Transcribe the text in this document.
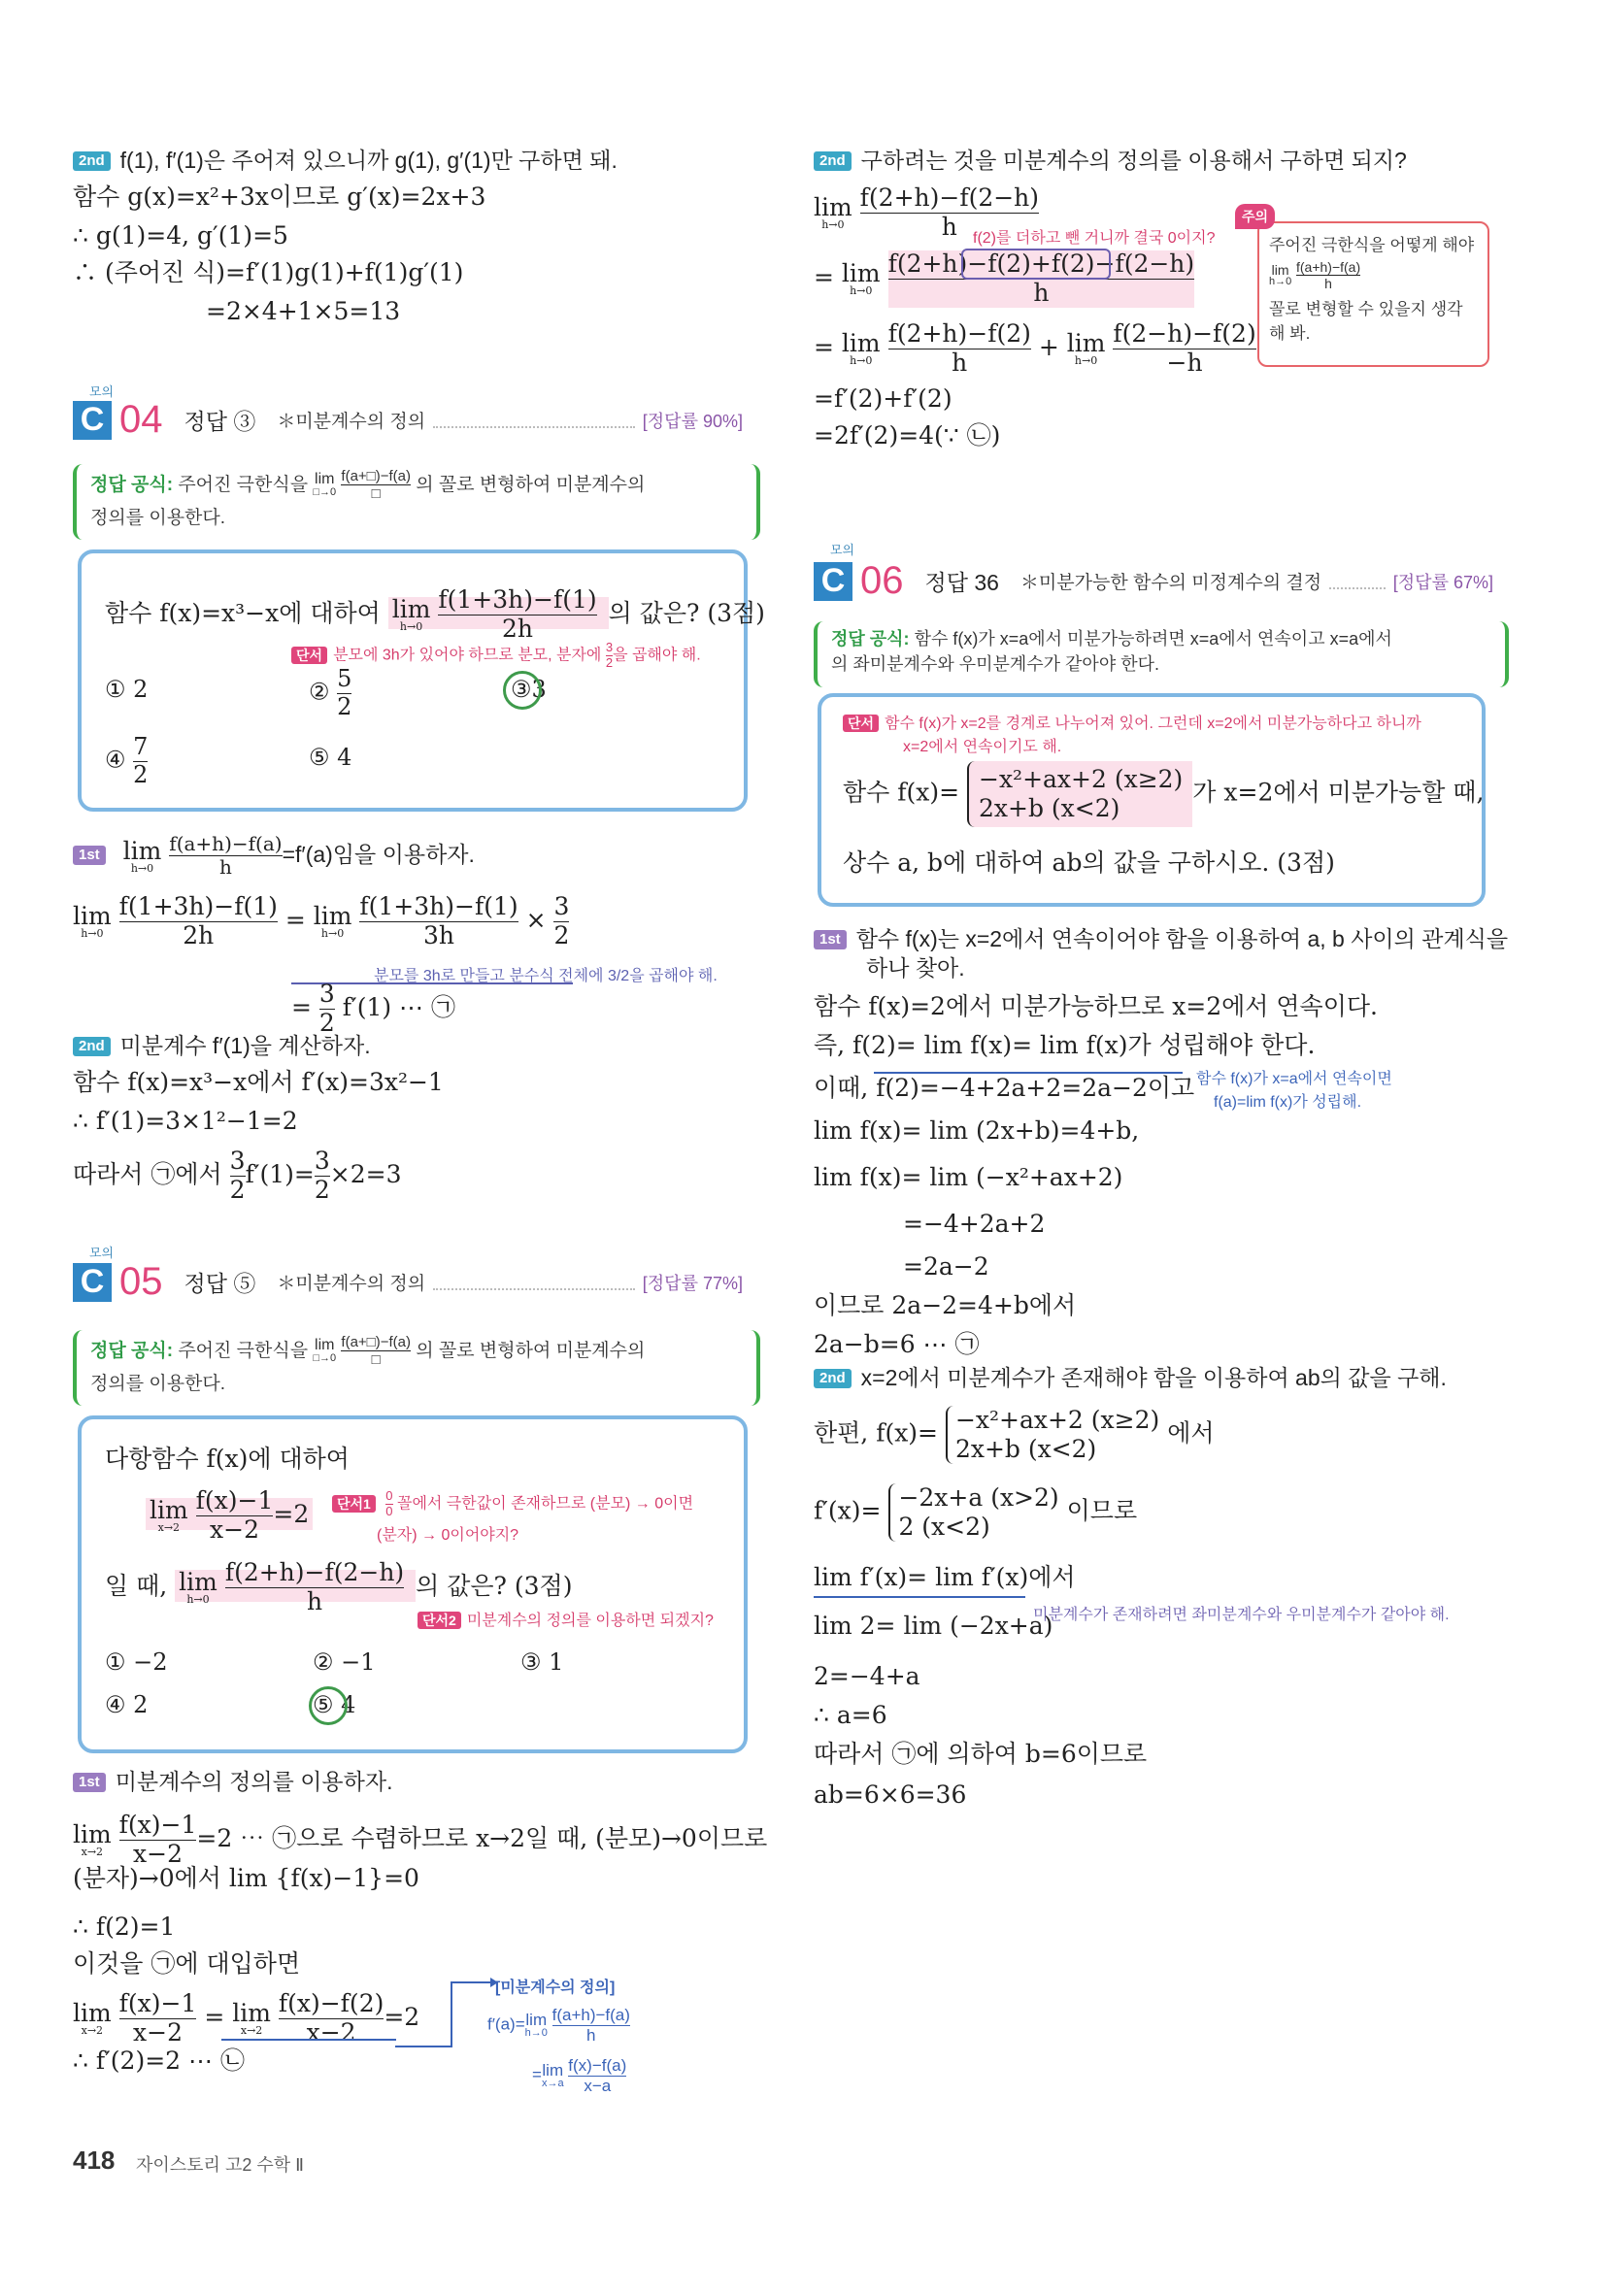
2nd f(1), f′(1)은 주어져 있으니까 g(1), g′(1)만 구하면 돼.
함수 g(x)=x²+3x이므로 g′(x)=2x+3
∴ g(1)=4, g′(1)=5
∴ (주어진 식)=f′(1)g(1)+f(1)g′(1)
=2×4+1×5=13
모의
C 04 정답 ③ ＊미분계수의 정의	[정답률 90%]
정답 공식: 주어진 극한식을 lim
□→0
$\frac{f(a+□)-f(a)}{□}$ 의 꼴로 변형하여 미분계수의
정의를 이용한다.
함수 f(x)=x³−x에 대하여 lim
h→0
$\frac{f(1+3h)-f(1)}{2h}$ 의 값은? (3점)
단서 분모에 3h가 있어야 하므로 분모, 분자에 $\frac{3}{2}$ 을 곱해야 해.
① 2	② $\frac{5}{2}$	③3
④ $\frac{7}{2}$	⑤ 4
1st lim
h→0
$\frac{f(a+h)-f(a)}{h} =f'(a)$임을 이용하자.
lim
h→0
$\frac{f(1+3h)-f(1)}{2h} = \lim$
h→0
$\frac{f(1+3h)-f(1)}{3h} \times \frac{3}{2}$
분모를 3h로 만들고 분수식 전체에 3/2을 곱해야 해.
= $\frac{3}{2} f'(1)$ ⋯ ㉠
2nd 미분계수 f′(1)을 계산하자.
함수 f(x)=x³−x에서 f′(x)=3x²−1
∴ f′(1)=3×1²−1=2
따라서 ㉠에서 $\frac{3}{2} f'(1)= \frac{3}{2} \times 2=3$
모의
C 05 정답 ⑤ ＊미분계수의 정의	[정답률 77%]
정답 공식: 주어진 극한식을 lim
□→0
$\frac{f(a+□)-f(a)}{□}$ 의 꼴로 변형하여 미분계수의
정의를 이용한다.
다항함수 f(x)에 대하여
lim
x→2
$\frac{f(x)-1}{x-2} =2$	단서$1 \frac{0}{0}$ 꼴에서 극한값이 존재하므로 (분모) → 0이면
(분자) → 0이어야지?
일 때, lim
h→0
$\frac{f(2+h)-f(2-h)}{h}$ 의 값은? (3점)
단서2 미분계수의 정의를 이용하면 되겠지?
① −2	② −1	③ 1
④ 2	⑤ 4
1st 미분계수의 정의를 이용하자.
lim
x→2
$\frac{f(x)-1}{x-2} =2$ ⋯ ㉠으로 수렴하므로 x→2일 때, (분모)→0이므로
(분자)→0에서 lim {f(x)−1}=0
∴ f(2)=1
이것을 ㉠에 대입하면
lim
x→2
$\frac{f(x)-1}{x-2} = \lim$
x→2
$\frac{f(x)-f(2)}{x-2} =2$
∴ f′(2)=2 ⋯ ㉡
[미분계수의 정의]
f′(a)=lim
h→0
$\frac{f(a+h)-f(a)}{h}$
=lim
x→a
$\frac{f(x)-f(a)}{x-a}$
2nd 구하려는 것을 미분계수의 정의를 이용해서 구하면 되지?
lim
h→0
$\frac{f(2+h)-f(2-h)}{h}$
f(2)를 더하고 뺀 거니까 결국 0이지?
= lim
h→0
$\frac{f(2+h)-f(2)+f(2)-f(2-h)}{h}$
= lim
h→0
$\frac{f(2+h)-f(2)}{h} + \lim$
h→0
$\frac{f(2-h)-f(2)}{-h}$
=f′(2)+f′(2)
=2f′(2)=4(∵ ㉡)
주어진 극한식을 어떻게 해야
lim
h→0
$\frac{f(a+h)-f(a)}{h}$
꼴로 변형할 수 있을지 생각
해 봐.
주의
모의
C 06 정답 36 ＊미분가능한 함수의 미정계수의 결정	[정답률 67%]
정답 공식: 함수 f(x)가 x=a에서 미분가능하려면 x=a에서 연속이고 x=a에서
의 좌미분계수와 우미분계수가 같아야 한다.
단서 함수 f(x)가 x=2를 경계로 나누어져 있어. 그런데 x=2에서 미분가능하다고 하니까
x=2에서 연속이기도 해.
함수 f(x)= −x²+ax+2 (x≥2)
2x+b (x<2)
가 x=2에서 미분가능할 때,
상수 a, b에 대하여 ab의 값을 구하시오. (3점)
1st 함수 f(x)는 x=2에서 연속이어야 함을 이용하여 a, b 사이의 관계식을
하나 찾아.
함수 f(x)=2에서 미분가능하므로 x=2에서 연속이다.
즉, f(2)= lim f(x)= lim f(x)가 성립해야 한다.
이때, f(2)=−4+2a+2=2a−2이고 함수 f(x)가 x=a에서 연속이면
f(a)=lim f(x)가 성립해.
lim f(x)= lim (2x+b)=4+b,
lim f(x)= lim (−x²+ax+2)
=−4+2a+2
=2a−2
이므로 2a−2=4+b에서
2a−b=6 ⋯ ㉠
2nd x=2에서 미분계수가 존재해야 함을 이용하여 ab의 값을 구해.
한편, f(x)= −x²+ax+2 (x≥2)
2x+b (x<2)
에서
f′(x)= −2x+a (x>2)
2 (x<2)
이므로
lim f′(x)= lim f′(x)에서
lim 2= lim (−2x+a)
미분계수가 존재하려면 좌미분계수와 우미분계수가 같아야 해.
2=−4+a
∴ a=6
따라서 ㉠에 의하여 b=6이므로
ab=6×6=36
418 자이스토리 고2 수학 Ⅱ
